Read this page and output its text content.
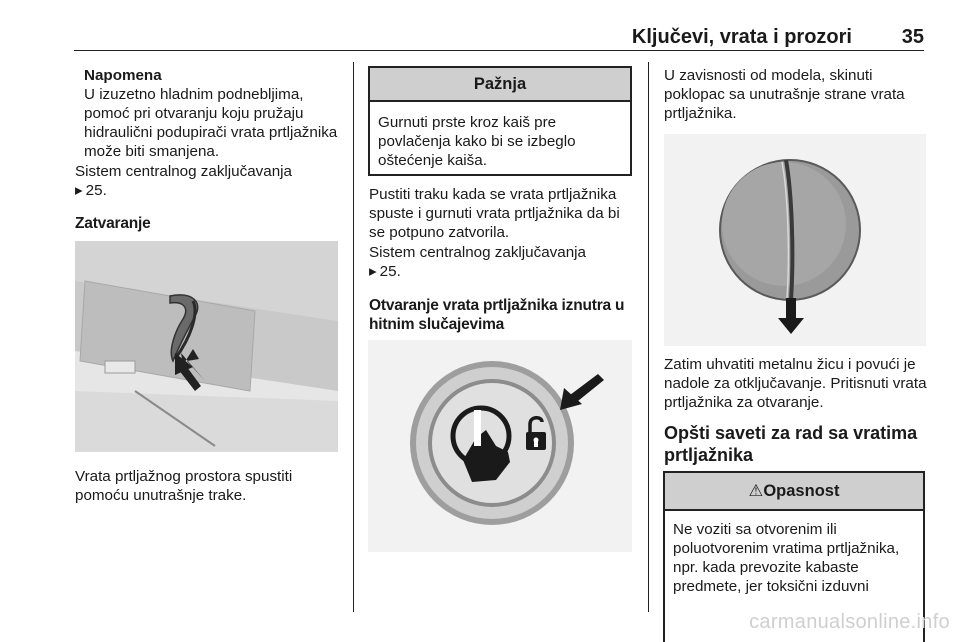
Ključevi, vrata i prozori 35
Napomena
U izuzetno hladnim podnebljima, pomoć pri otvaranju koju pružaju hidraulični podupirači vrata prtljažnika može biti smanjena.
Sistem centralnog zaključavanja
▸  25.
Zatvaranje
Vrata prtljažnog prostora spustiti pomoću unutrašnje trake.
Pažnja
Gurnuti prste kroz kaiš pre povlačenja kako bi se izbeglo oštećenje kaiša.
Pustiti traku kada se vrata prtljažnika spuste i gurnuti vrata prtljažnika da bi se potpuno zatvorila.
Sistem centralnog zaključavanja
▸  25.
Otvaranje vrata prtljažnika iznutra u hitnim slučajevima
U zavisnosti od modela, skinuti poklopac sa unutrašnje strane vrata prtljažnika.
Zatim uhvatiti metalnu žicu i povući je nadole za otključavanje. Pritisnuti vrata prtljažnika za otvaranje.
Opšti saveti za rad sa vratima prtljažnika
⚠Opasnost
Ne voziti sa otvorenim ili poluotvorenim vratima prtljažnika, npr. kada prevozite kabaste predmete, jer toksični izduvni
carmanualsonline.info
